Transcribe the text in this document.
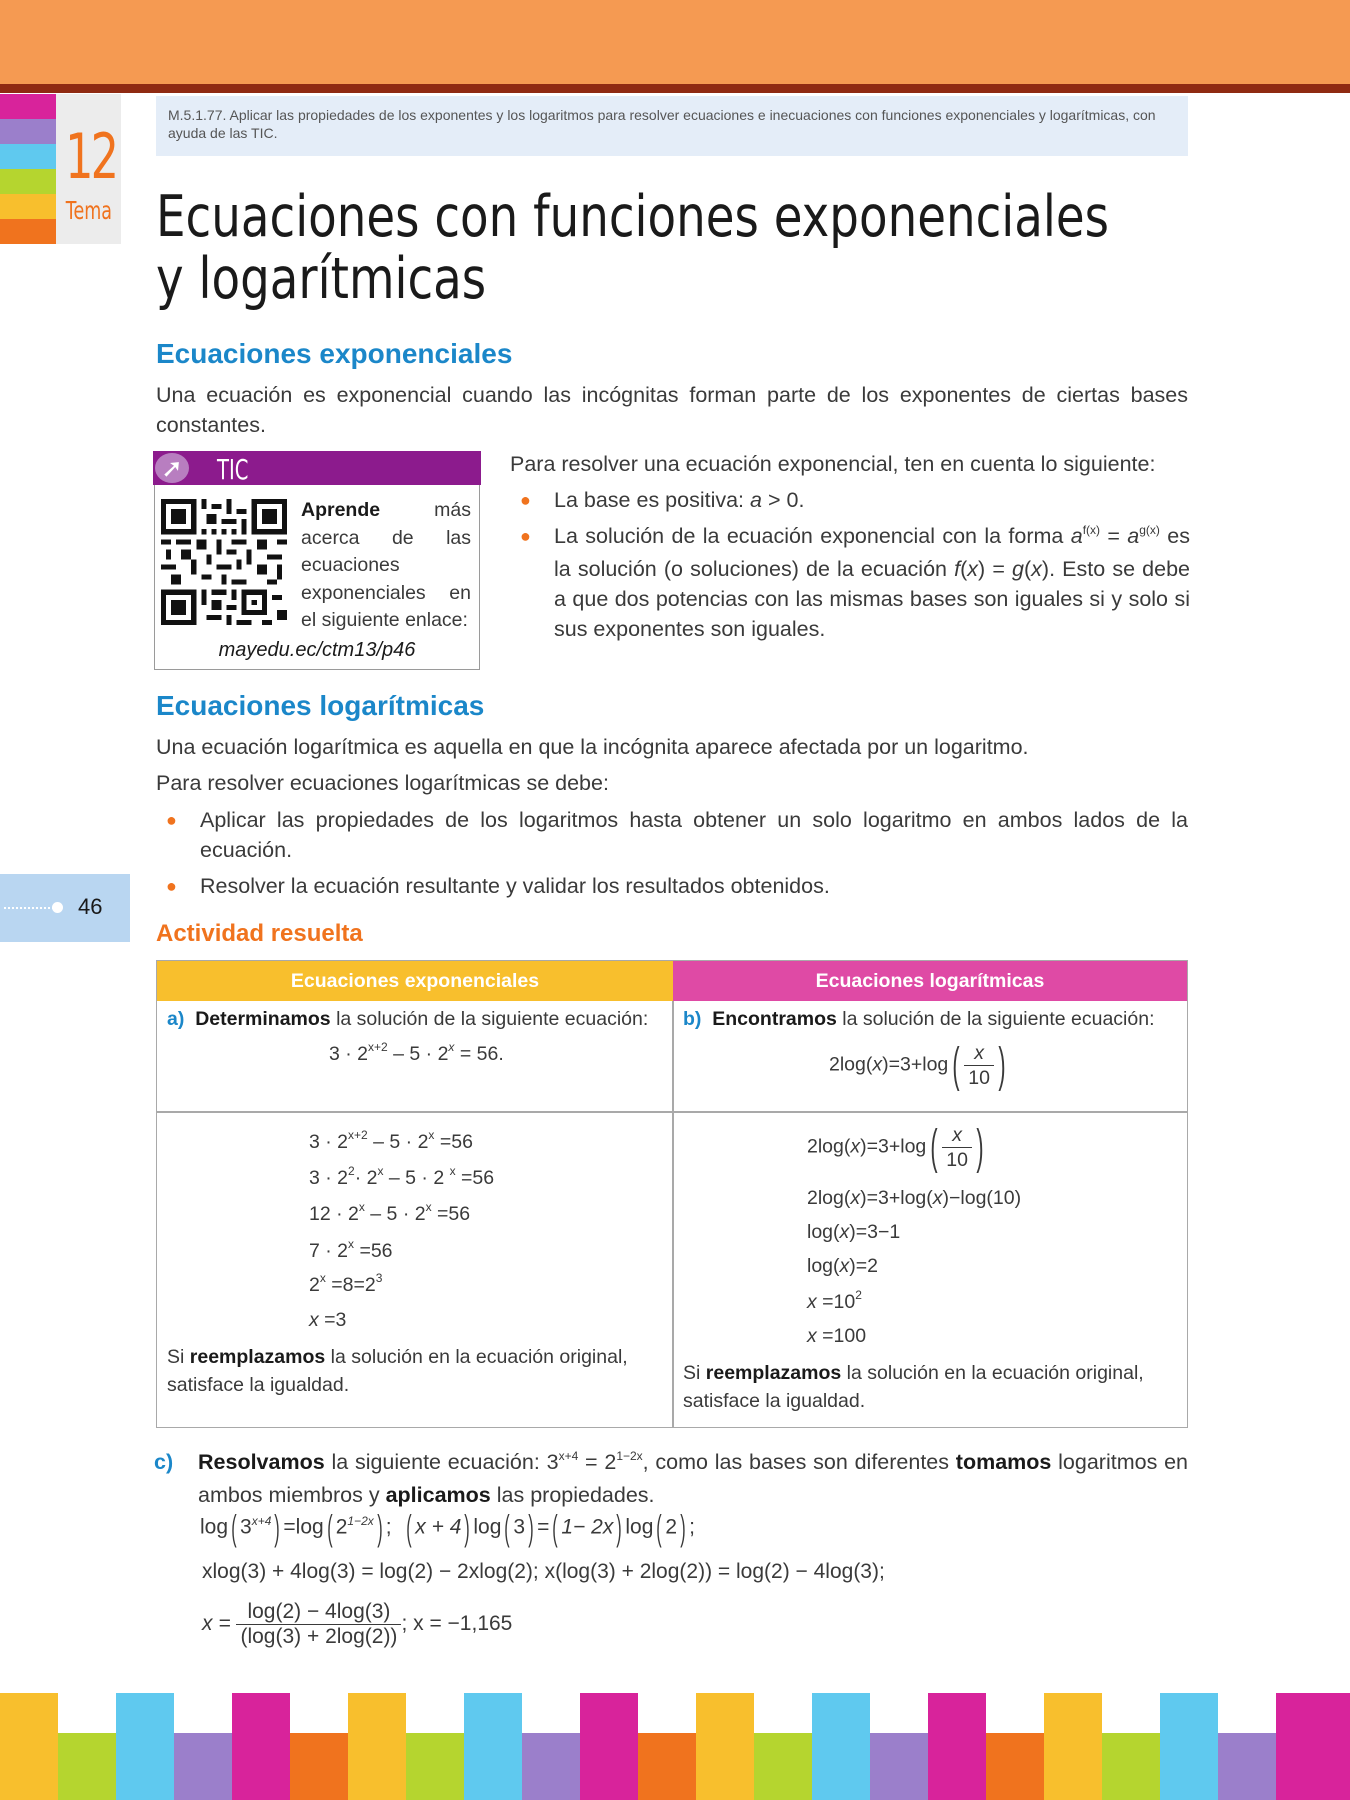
12
Tema
M.5.1.77. Aplicar las propiedades de los exponentes y los logaritmos para resolver ecuaciones e inecuaciones con funciones exponenciales y logarítmicas, con ayuda de las TIC.
Ecuaciones con funciones exponenciales
y logarítmicas
Ecuaciones exponenciales
Una ecuación es exponencial cuando las incógnitas forman parte de los exponentes de ciertas bases constantes.
➚ TIC
Aprende más acerca de las ecuaciones exponenciales en el siguiente enlace:
mayedu.ec/ctm13/p46
Para resolver una ecuación exponencial, ten en cuenta lo siguiente:
● La base es positiva: a > 0.
● La solución de la ecuación exponencial con la forma $a^{f(x)} = a^{g(x)}$ es la solución (o soluciones) de la ecuación f(x) = g(x). Esto se debe a que dos potencias con las mismas bases son iguales si y solo si sus exponentes son iguales.
Ecuaciones logarítmicas
Una ecuación logarítmica es aquella en que la incógnita aparece afectada por un logaritmo.
Para resolver ecuaciones logarítmicas se debe:
● Aplicar las propiedades de los logaritmos hasta obtener un solo logaritmo en ambos lados de la ecuación.
● Resolver la ecuación resultante y validar los resultados obtenidos.
46
Actividad resuelta
Ecuaciones exponenciales	Ecuaciones logarítmicas
a) Determinamos la solución de la siguiente ecuación:
$3 \cdot 2^{x+2} - 5 \cdot 2^x = 56$.
b) Encontramos la solución de la siguiente ecuación:
$2\log(x)=3+\log( \frac{x}{10}$ )
$3 \cdot 2^{x+2} - 5 \cdot 2^x =56$
$3 \cdot 2^2\cdot 2^x - 5 \cdot 2$ $^x$ =56
$12 \cdot 2^x - 5 \cdot 2^x =56$
$7 \cdot 2^x =56$
$2^x =8=2^3$
x =3
Si reemplazamos la solución en la ecuación original, satisface la igualdad.
$2\log(x)=3+\log( \frac{x}{10}$ )
2log(x)=3+log(x)−log(10)
log(x)=3−1
log(x)=2
$x =10^2$
x =100
Si reemplazamos la solución en la ecuación original, satisface la igualdad.
c) Resolvamos la siguiente ecuación: $3^{x+4} = 2^{1-2x}$, como las bases son diferentes tomamos logaritmos en ambos miembros y aplicamos las propiedades.
log( $3^{x+4}) =\log$( $2^{1-2x}$) ; ( x + 4) log( 3) =( 1− 2x) log( 2) ;
xlog(3) + 4log(3) = log(2) − 2xlog(2); x(log(3) + 2log(2)) = log(2) − 4log(3);
$x = \frac{\log(2) - 4\log(3)}{(\log(3) + 2\log(2))}$ ; x = −1,165
